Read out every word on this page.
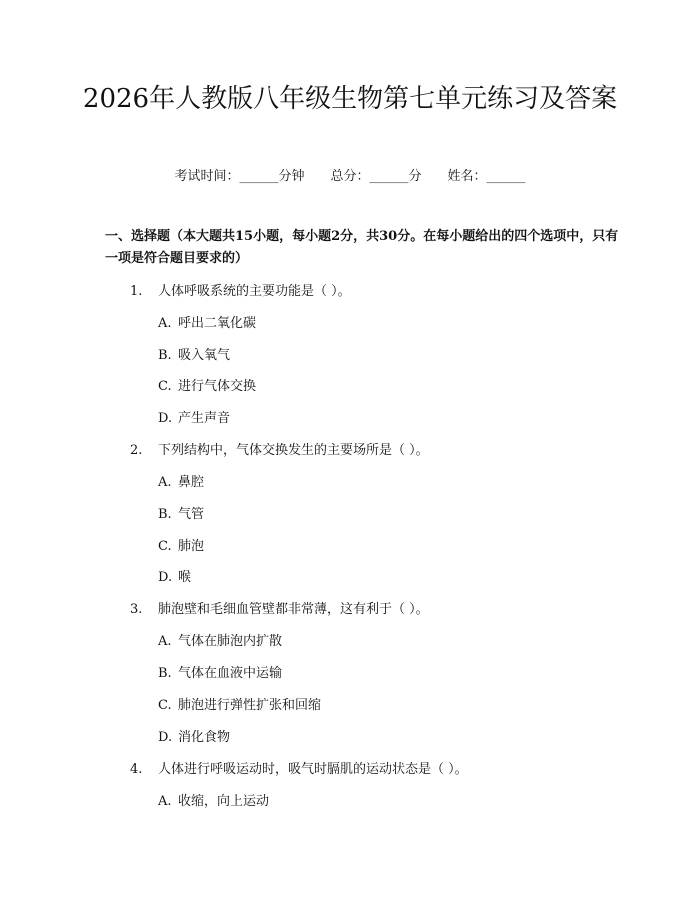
2026年人教版八年级生物第七单元练习及答案
考试时间：______分钟 总分：______分 姓名：______
一、选择题（本大题共15小题，每小题2分，共30分。在每小题给出的四个选项中，只有一项是符合题目要求的）
1. 人体呼吸系统的主要功能是（ ）。
A. 呼出二氧化碳
B. 吸入氧气
C. 进行气体交换
D. 产生声音
2. 下列结构中，气体交换发生的主要场所是（ ）。
A. 鼻腔
B. 气管
C. 肺泡
D. 喉
3. 肺泡壁和毛细血管壁都非常薄，这有利于（ ）。
A. 气体在肺泡内扩散
B. 气体在血液中运输
C. 肺泡进行弹性扩张和回缩
D. 消化食物
4. 人体进行呼吸运动时，吸气时膈肌的运动状态是（ ）。
A. 收缩，向上运动
